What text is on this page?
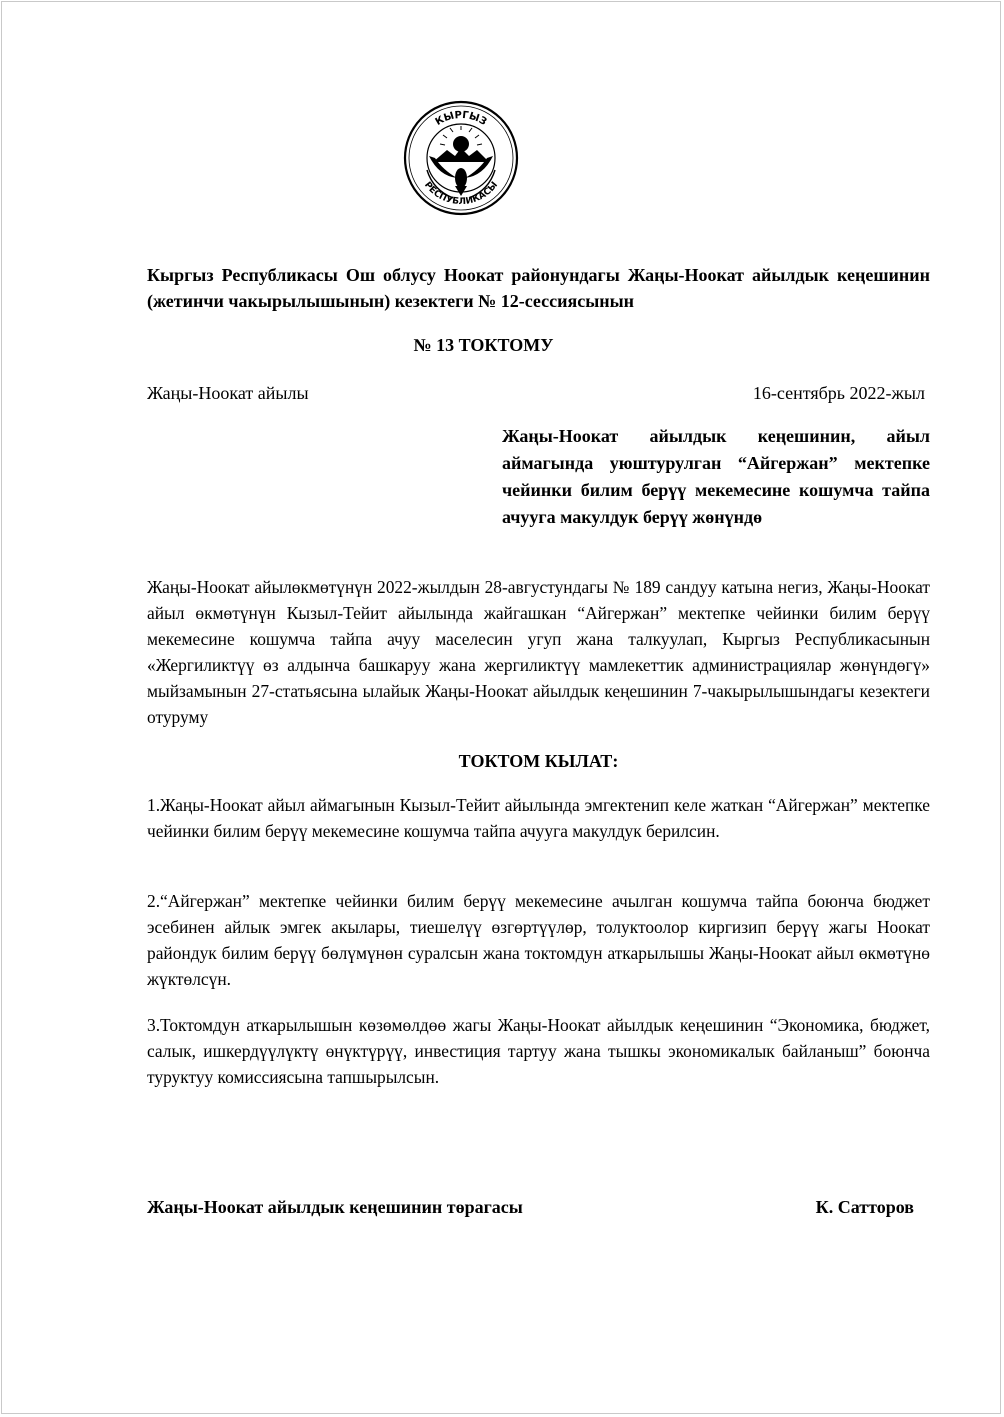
КЫРГЫЗ
РЕСПУБЛИКАСЫ
Кыргыз Республикасы Ош облусу Ноокат районундагы Жаңы-Ноокат айылдык кеңешинин (жетинчи чакырылышынын) кезектеги № 12-сессиясынын
№ 13 ТОКТОМУ
Жаңы-Ноокат айылы	16-сентябрь 2022-жыл
Жаңы-Ноокат айылдык кеңешинин, айыл аймагында уюштурулган “Айгержан” мектепке чейинки билим берүү мекемесине кошумча тайпа ачууга макулдук берүү жөнүндө
Жаңы-Ноокат айылөкмөтүнүн 2022-жылдын 28-августундагы № 189 сандуу катына негиз, Жаңы-Ноокат айыл өкмөтүнүн Кызыл-Тейит айылында жайгашкан “Айгержан” мектепке чейинки билим берүү мекемесине кошумча тайпа ачуу маселесин угуп жана талкуулап, Кыргыз Республикасынын «Жергиликтүү өз алдынча башкаруу жана жергиликтүү мамлекеттик администрациялар жөнүндөгү» мыйзамынын 27-статьясына ылайык Жаңы-Ноокат айылдык кеңешинин 7-чакырылышындагы кезектеги отуруму
ТОКТОМ КЫЛАТ:
1.Жаңы-Ноокат айыл аймагынын Кызыл-Тейит айылында эмгектенип келе жаткан “Айгержан” мектепке чейинки билим берүү мекемесине кошумча тайпа ачууга макулдук берилсин.
2.“Айгержан” мектепке чейинки билим берүү мекемесине ачылган кошумча тайпа боюнча бюджет эсебинен айлык эмгек акылары, тиешелүү өзгөртүүлөр, толуктоолор киргизип берүү жагы Ноокат райондук билим берүү бөлүмүнөн суралсын жана токтомдун аткарылышы Жаңы-Ноокат айыл өкмөтүнө жүктөлсүн.
3.Токтомдун аткарылышын көзөмөлдөө жагы Жаңы-Ноокат айылдык кеңешинин “Экономика, бюджет, салык, ишкердүүлүктү өнүктүрүү, инвестиция тартуу жана тышкы экономикалык байланыш” боюнча туруктуу комиссиясына тапшырылсын.
Жаңы-Ноокат айылдык кеңешинин төрагасы	К. Сатторов
